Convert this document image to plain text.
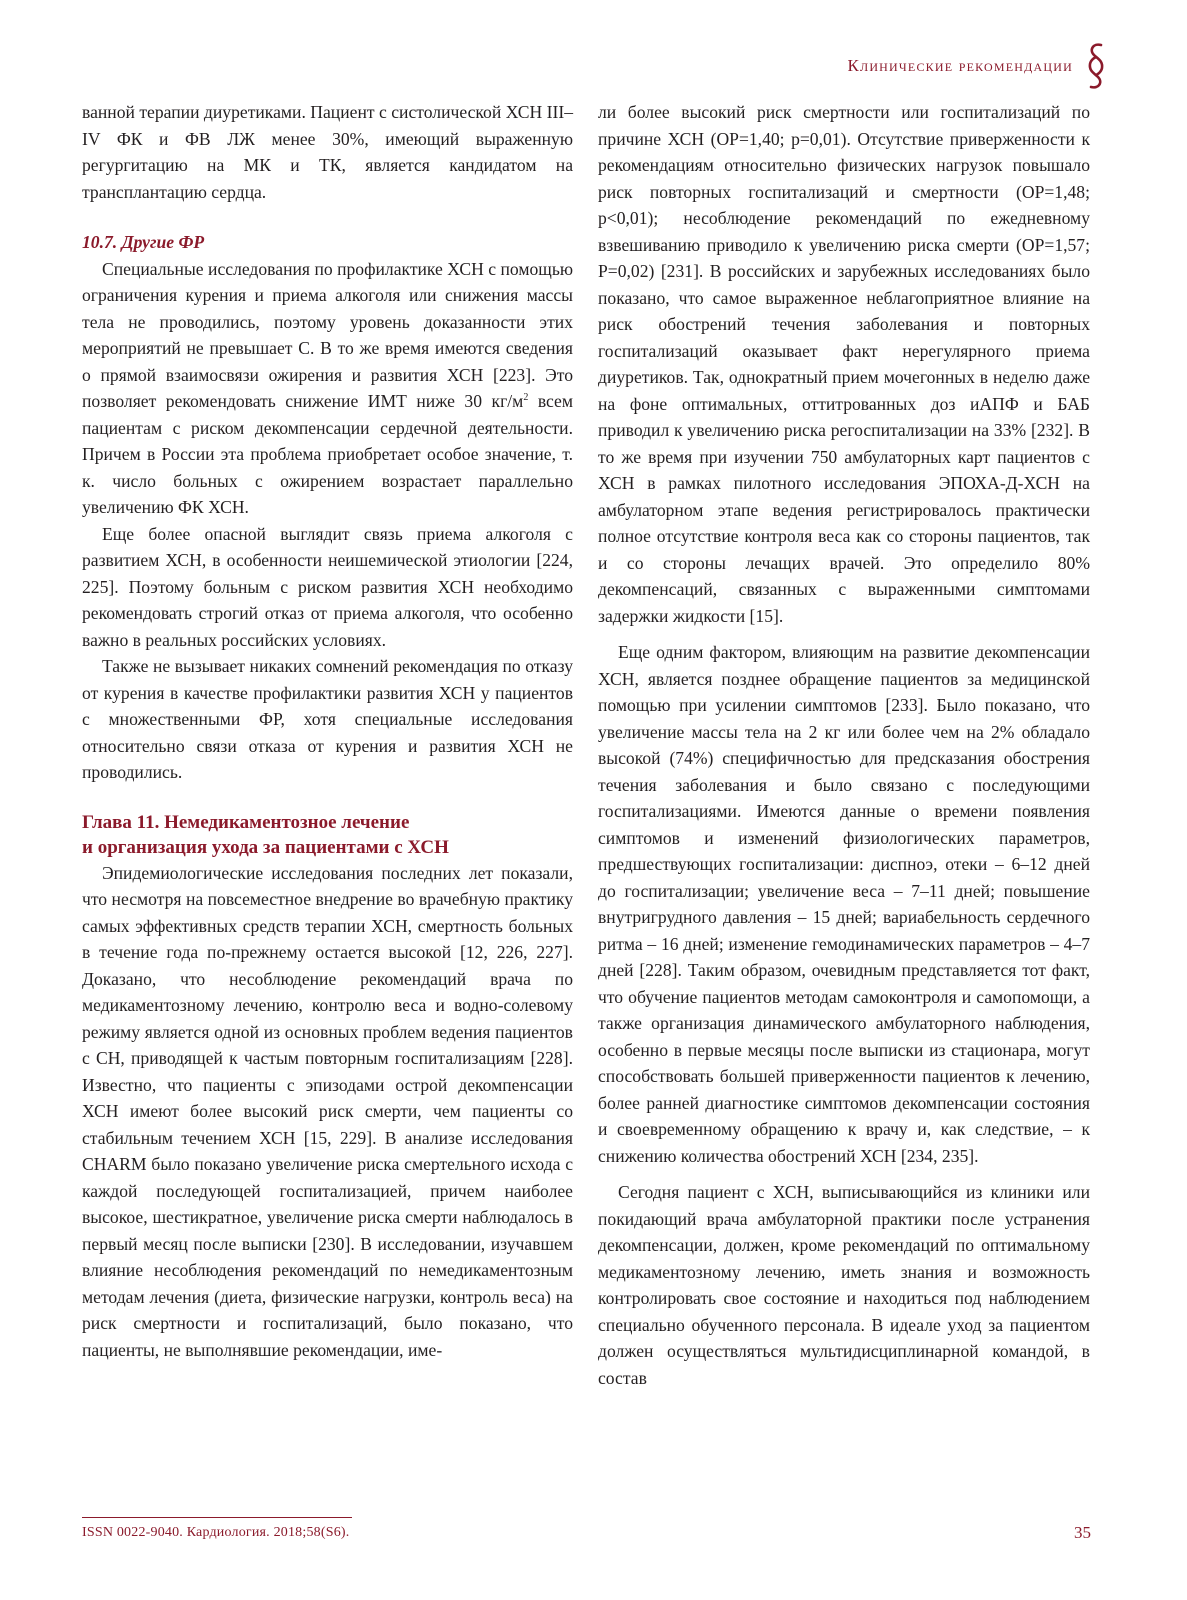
Клинические рекомендации

ванной терапии диуретиками. Пациент с систолической ХСН III–IV ФК и ФВ ЛЖ менее 30%, имеющий выраженную регургитацию на МК и ТК, является кандидатом на трансплантацию сердца.

10.7. Другие ФР

Специальные исследования по профилактике ХСН с помощью ограничения курения и приема алкоголя или снижения массы тела не проводились, поэтому уровень доказанности этих мероприятий не превышает С. В то же время имеются сведения о прямой взаимосвязи ожирения и развития ХСН [223]. Это позволяет рекомендовать снижение ИМТ ниже 30 $кг/м^2$ всем пациентам с риском декомпенсации сердечной деятельности. Причем в России эта проблема приобретает особое значение, т. к. число больных с ожирением возрастает параллельно увеличению ФК ХСН.

Еще более опасной выглядит связь приема алкоголя с развитием ХСН, в особенности неишемической этиологии [224, 225]. Поэтому больным с риском развития ХСН необходимо рекомендовать строгий отказ от приема алкоголя, что особенно важно в реальных российских условиях.

Также не вызывает никаких сомнений рекомендация по отказу от курения в качестве профилактики развития ХСН у пациентов с множественными ФР, хотя специальные исследования относительно связи отказа от курения и развития ХСН не проводились.

Глава 11. Немедикаментозное лечение
и организация ухода за пациентами с ХСН

Эпидемиологические исследования последних лет показали, что несмотря на повсеместное внедрение во врачебную практику самых эффективных средств терапии ХСН, смертность больных в течение года по-прежнему остается высокой [12, 226, 227]. Доказано, что несоблюдение рекомендаций врача по медикаментозному лечению, контролю веса и водно-солевому режиму является одной из основных проблем ведения пациентов с СН, приводящей к частым повторным госпитализациям [228]. Известно, что пациенты с эпизодами острой декомпенсации ХСН имеют более высокий риск смерти, чем пациенты со стабильным течением ХСН [15, 229]. В анализе исследования CHARM было показано увеличение риска смертельного исхода с каждой последующей госпитализацией, причем наиболее высокое, шестикратное, увеличение риска смерти наблюдалось в первый месяц после выписки [230]. В исследовании, изучавшем влияние несоблюдения рекомендаций по немедикаментозным методам лечения (диета, физические нагрузки, контроль веса) на риск смертности и госпитализаций, было показано, что пациенты, не выполнявшие рекомендации, име-

ли более высокий риск смертности или госпитализаций по причине ХСН (ОР=1,40; p=0,01). Отсутствие приверженности к рекомендациям относительно физических нагрузок повышало риск повторных госпитализаций и смертности (ОР=1,48; p<0,01); несоблюдение рекомендаций по ежедневному взвешиванию приводило к увеличению риска смерти (ОР=1,57; P=0,02) [231]. В российских и зарубежных исследованиях было показано, что самое выраженное неблагоприятное влияние на риск обострений течения заболевания и повторных госпитализаций оказывает факт нерегулярного приема диуретиков. Так, однократный прием мочегонных в неделю даже на фоне оптимальных, оттитрованных доз иАПФ и БАБ приводил к увеличению риска регоспитализации на 33% [232]. В то же время при изучении 750 амбулаторных карт пациентов с ХСН в рамках пилотного исследования ЭПОХА-Д-ХСН на амбулаторном этапе ведения регистрировалось практически полное отсутствие контроля веса как со стороны пациентов, так и со стороны лечащих врачей. Это определило 80% декомпенсаций, связанных с выраженными симптомами задержки жидкости [15].

Еще одним фактором, влияющим на развитие декомпенсации ХСН, является позднее обращение пациентов за медицинской помощью при усилении симптомов [233]. Было показано, что увеличение массы тела на 2 кг или более чем на 2% обладало высокой (74%) специфичностью для предсказания обострения течения заболевания и было связано с последующими госпитализациями. Имеются данные о времени появления симптомов и изменений физиологических параметров, предшествующих госпитализации: диспноэ, отеки – 6–12 дней до госпитализации; увеличение веса – 7–11 дней; повышение внутригрудного давления – 15 дней; вариабельность сердечного ритма – 16 дней; изменение гемодинамических параметров – 4–7 дней [228]. Таким образом, очевидным представляется тот факт, что обучение пациентов методам самоконтроля и самопомощи, а также организация динамического амбулаторного наблюдения, особенно в первые месяцы после выписки из стационара, могут способствовать большей приверженности пациентов к лечению, более ранней диагностике симптомов декомпенсации состояния и своевременному обращению к врачу и, как следствие, – к снижению количества обострений ХСН [234, 235].

Сегодня пациент с ХСН, выписывающийся из клиники или покидающий врача амбулаторной практики после устранения декомпенсации, должен, кроме рекомендаций по оптимальному медикаментозному лечению, иметь знания и возможность контролировать свое состояние и находиться под наблюдением специально обученного персонала. В идеале уход за пациентом должен осуществляться мультидисциплинарной командой, в состав

ISSN 0022-9040. Кардиология. 2018;58(S6).	35
